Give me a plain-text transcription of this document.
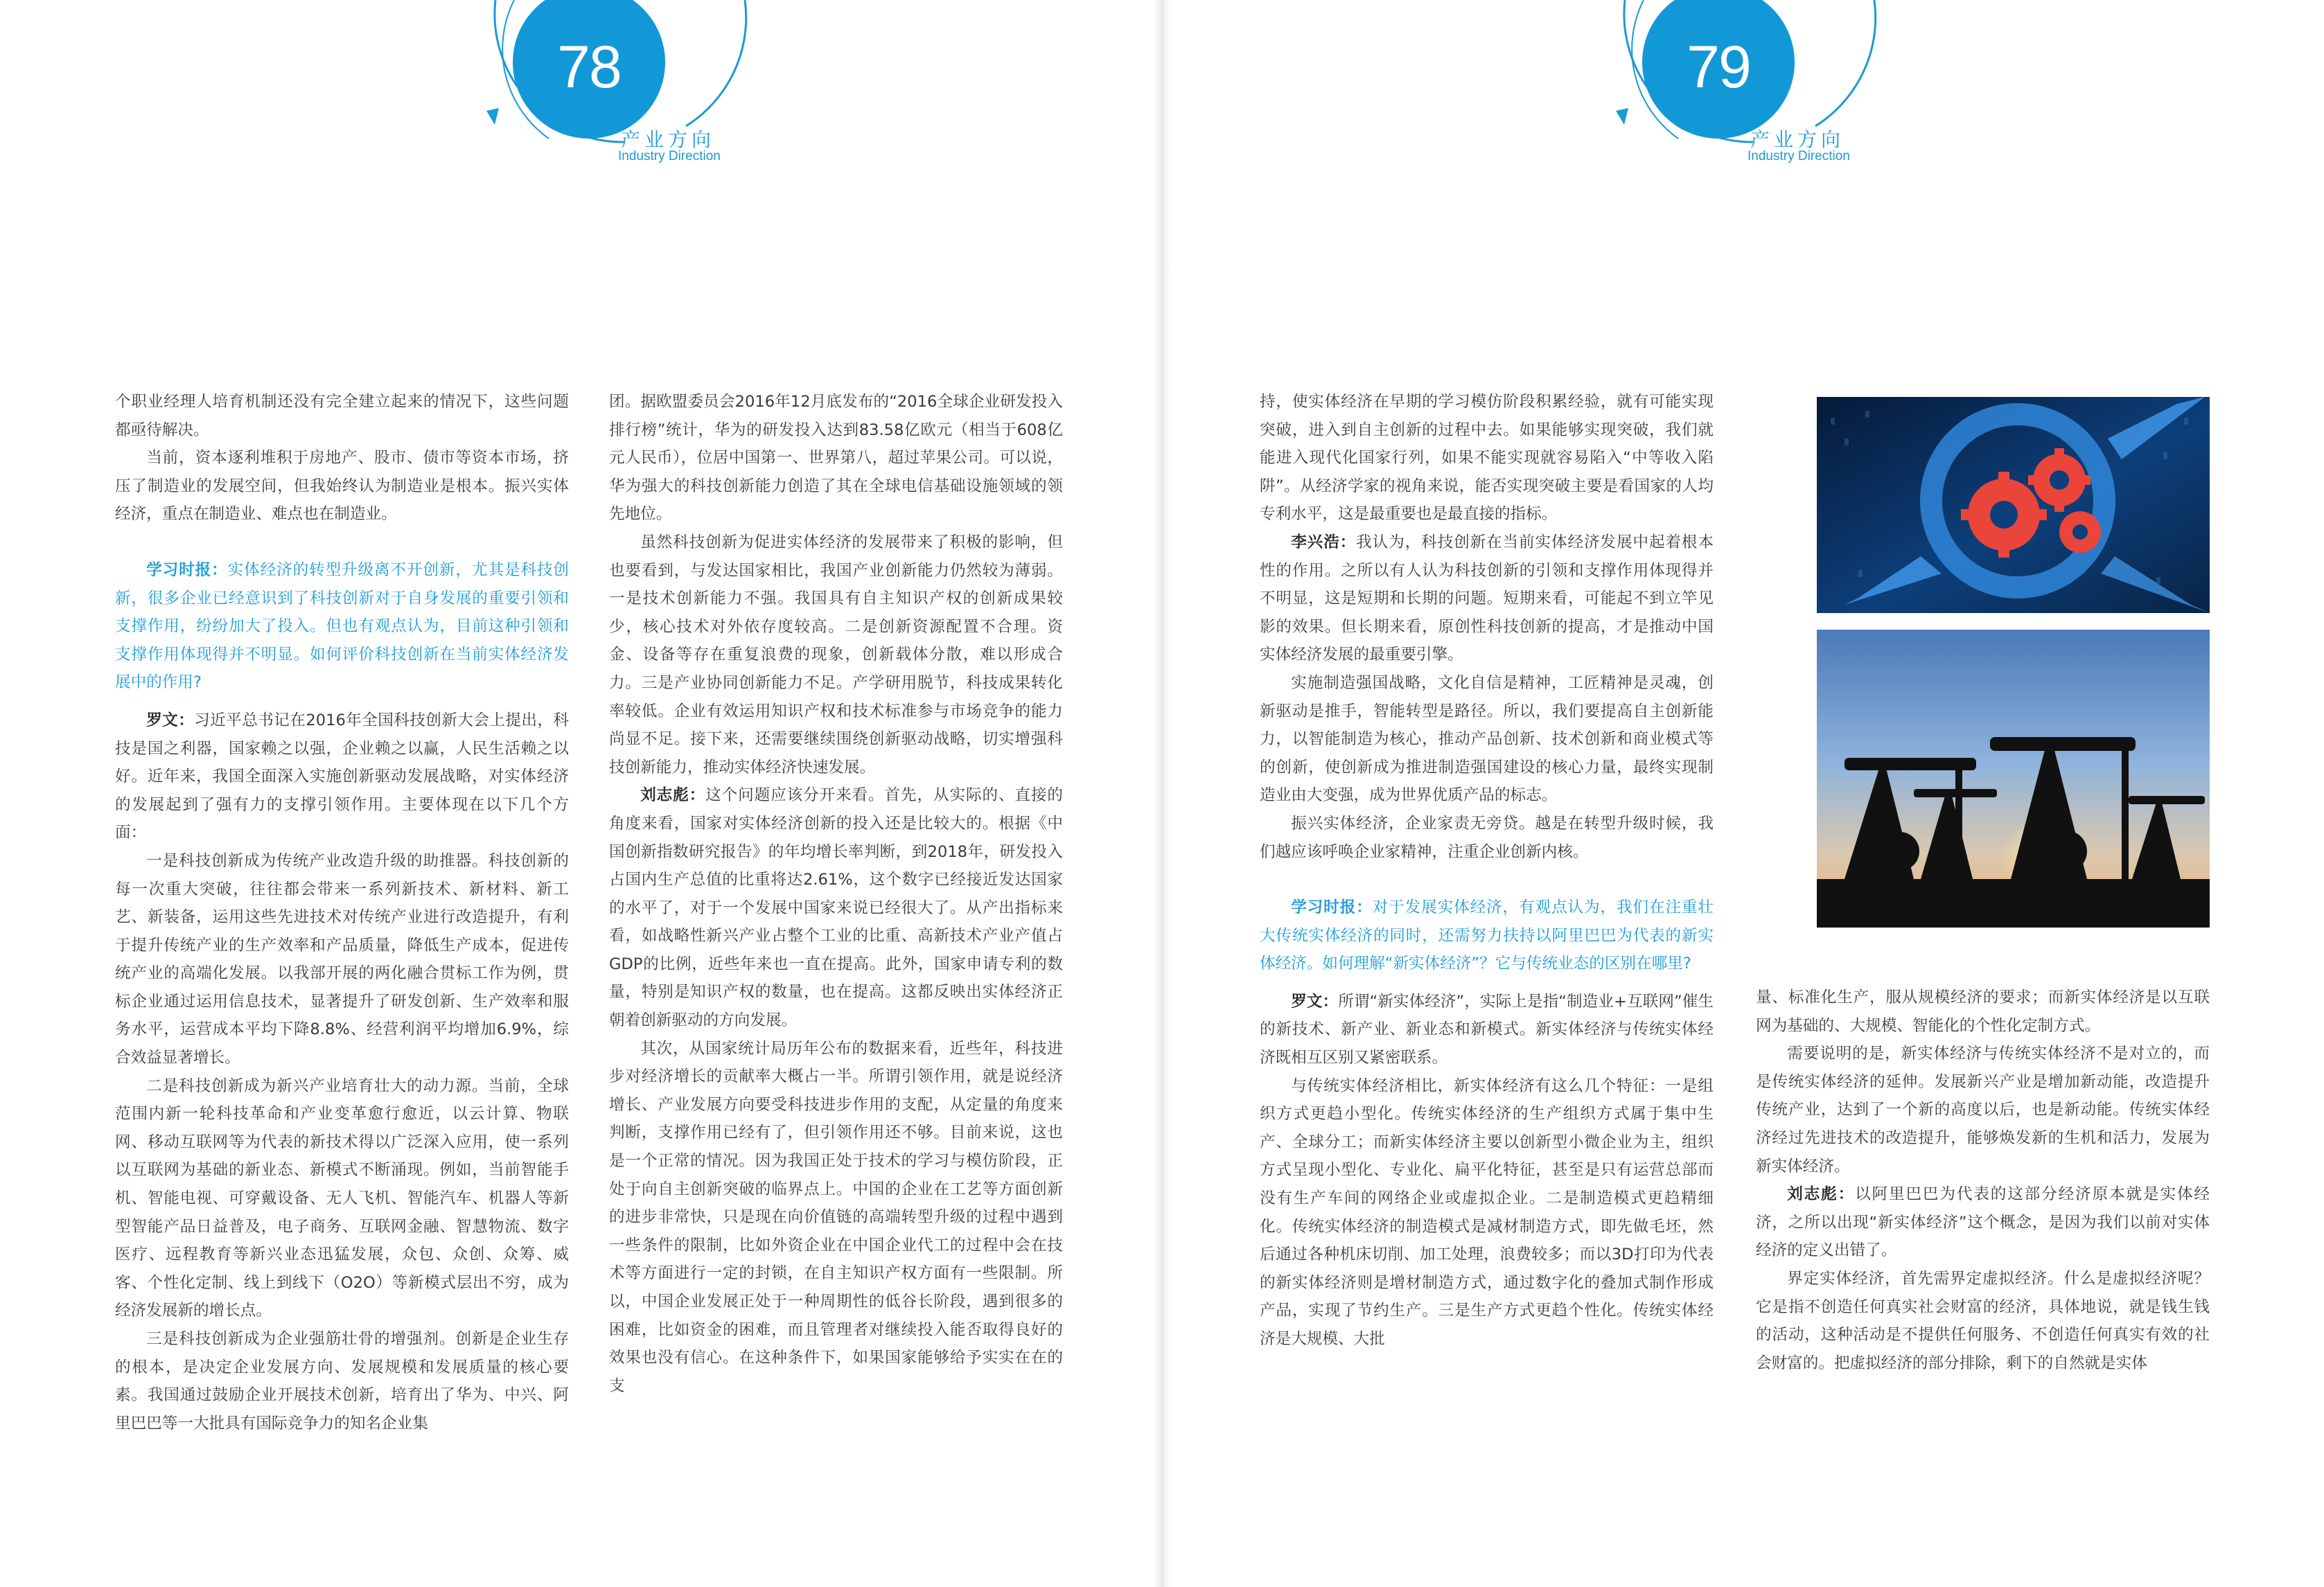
78
产业方向
Industry Direction

个职业经理人培育机制还没有完全建立起来的情况下，这些问题都亟待解决。

当前，资本逐利堆积于房地产、股市、债市等资本市场，挤压了制造业的发展空间，但我始终认为制造业是根本。振兴实体经济，重点在制造业、难点也在制造业。

学习时报：实体经济的转型升级离不开创新，尤其是科技创新，很多企业已经意识到了科技创新对于自身发展的重要引领和支撑作用，纷纷加大了投入。但也有观点认为，目前这种引领和支撑作用体现得并不明显。如何评价科技创新在当前实体经济发展中的作用?

罗文：习近平总书记在2016年全国科技创新大会上提出，科技是国之利器，国家赖之以强，企业赖之以赢，人民生活赖之以好。近年来，我国全面深入实施创新驱动发展战略，对实体经济的发展起到了强有力的支撑引领作用。主要体现在以下几个方面：

一是科技创新成为传统产业改造升级的助推器。科技创新的每一次重大突破，往往都会带来一系列新技术、新材料、新工艺、新装备，运用这些先进技术对传统产业进行改造提升，有利于提升传统产业的生产效率和产品质量，降低生产成本，促进传统产业的高端化发展。以我部开展的两化融合贯标工作为例，贯标企业通过运用信息技术，显著提升了研发创新、生产效率和服务水平，运营成本平均下降8.8%、经营利润平均增加6.9%，综合效益显著增长。

二是科技创新成为新兴产业培育壮大的动力源。当前，全球范围内新一轮科技革命和产业变革愈行愈近，以云计算、物联网、移动互联网等为代表的新技术得以广泛深入应用，使一系列以互联网为基础的新业态、新模式不断涌现。例如，当前智能手机、智能电视、可穿戴设备、无人飞机、智能汽车、机器人等新型智能产品日益普及，电子商务、互联网金融、智慧物流、数字医疗、远程教育等新兴业态迅猛发展，众包、众创、众筹、威客、个性化定制、线上到线下（O2O）等新模式层出不穷，成为经济发展新的增长点。

三是科技创新成为企业强筋壮骨的增强剂。创新是企业生存的根本，是决定企业发展方向、发展规模和发展质量的核心要素。我国通过鼓励企业开展技术创新，培育出了华为、中兴、阿里巴巴等一大批具有国际竞争力的知名企业集

团。据欧盟委员会2016年12月底发布的“2016全球企业研发投入排行榜”统计，华为的研发投入达到83.58亿欧元（相当于608亿元人民币），位居中国第一、世界第八，超过苹果公司。可以说，华为强大的科技创新能力创造了其在全球电信基础设施领域的领先地位。

虽然科技创新为促进实体经济的发展带来了积极的影响，但也要看到，与发达国家相比，我国产业创新能力仍然较为薄弱。一是技术创新能力不强。我国具有自主知识产权的创新成果较少，核心技术对外依存度较高。二是创新资源配置不合理。资金、设备等存在重复浪费的现象，创新载体分散，难以形成合力。三是产业协同创新能力不足。产学研用脱节，科技成果转化率较低。企业有效运用知识产权和技术标准参与市场竞争的能力尚显不足。接下来，还需要继续围绕创新驱动战略，切实增强科技创新能力，推动实体经济快速发展。

刘志彪：这个问题应该分开来看。首先，从实际的、直接的角度来看，国家对实体经济创新的投入还是比较大的。根据《中国创新指数研究报告》的年均增长率判断，到2018年，研发投入占国内生产总值的比重将达2.61%，这个数字已经接近发达国家的水平了，对于一个发展中国家来说已经很大了。从产出指标来看，如战略性新兴产业占整个工业的比重、高新技术产业产值占GDP的比例，近些年来也一直在提高。此外，国家申请专利的数量，特别是知识产权的数量，也在提高。这都反映出实体经济正朝着创新驱动的方向发展。

其次，从国家统计局历年公布的数据来看，近些年，科技进步对经济增长的贡献率大概占一半。所谓引领作用，就是说经济增长、产业发展方向要受科技进步作用的支配，从定量的角度来判断，支撑作用已经有了，但引领作用还不够。目前来说，这也是一个正常的情况。因为我国正处于技术的学习与模仿阶段，正处于向自主创新突破的临界点上。中国的企业在工艺等方面创新的进步非常快，只是现在向价值链的高端转型升级的过程中遇到一些条件的限制，比如外资企业在中国企业代工的过程中会在技术等方面进行一定的封锁，在自主知识产权方面有一些限制。所以，中国企业发展正处于一种周期性的低谷长阶段，遇到很多的困难，比如资金的困难，而且管理者对继续投入能否取得良好的效果也没有信心。在这种条件下，如果国家能够给予实实在在的支

79
产业方向
Industry Direction

持，使实体经济在早期的学习模仿阶段积累经验，就有可能实现突破，进入到自主创新的过程中去。如果能够实现突破，我们就能进入现代化国家行列，如果不能实现就容易陷入“中等收入陷阱”。从经济学家的视角来说，能否实现突破主要是看国家的人均专利水平，这是最重要也是最直接的指标。

李兴浩：我认为，科技创新在当前实体经济发展中起着根本性的作用。之所以有人认为科技创新的引领和支撑作用体现得并不明显，这是短期和长期的问题。短期来看，可能起不到立竿见影的效果。但长期来看，原创性科技创新的提高，才是推动中国实体经济发展的最重要引擎。

实施制造强国战略，文化自信是精神，工匠精神是灵魂，创新驱动是推手，智能转型是路径。所以，我们要提高自主创新能力，以智能制造为核心，推动产品创新、技术创新和商业模式等的创新，使创新成为推进制造强国建设的核心力量，最终实现制造业由大变强，成为世界优质产品的标志。

振兴实体经济，企业家责无旁贷。越是在转型升级时候，我们越应该呼唤企业家精神，注重企业创新内核。

学习时报：对于发展实体经济，有观点认为，我们在注重壮大传统实体经济的同时，还需努力扶持以阿里巴巴为代表的新实体经济。如何理解“新实体经济”？它与传统业态的区别在哪里?

罗文：所谓“新实体经济”，实际上是指“制造业+互联网”催生的新技术、新产业、新业态和新模式。新实体经济与传统实体经济既相互区别又紧密联系。

与传统实体经济相比，新实体经济有这么几个特征：一是组织方式更趋小型化。传统实体经济的生产组织方式属于集中生产、全球分工；而新实体经济主要以创新型小微企业为主，组织方式呈现小型化、专业化、扁平化特征，甚至是只有运营总部而没有生产车间的网络企业或虚拟企业。二是制造模式更趋精细化。传统实体经济的制造模式是减材制造方式，即先做毛坯，然后通过各种机床切削、加工处理，浪费较多；而以3D打印为代表的新实体经济则是增材制造方式，通过数字化的叠加式制作形成产品，实现了节约生产。三是生产方式更趋个性化。传统实体经济是大规模、大批

量、标准化生产，服从规模经济的要求；而新实体经济是以互联网为基础的、大规模、智能化的个性化定制方式。

需要说明的是，新实体经济与传统实体经济不是对立的，而是传统实体经济的延伸。发展新兴产业是增加新动能，改造提升传统产业，达到了一个新的高度以后，也是新动能。传统实体经济经过先进技术的改造提升，能够焕发新的生机和活力，发展为新实体经济。

刘志彪：以阿里巴巴为代表的这部分经济原本就是实体经济，之所以出现“新实体经济”这个概念，是因为我们以前对实体经济的定义出错了。

界定实体经济，首先需界定虚拟经济。什么是虚拟经济呢？它是指不创造任何真实社会财富的经济，具体地说，就是钱生钱的活动，这种活动是不提供任何服务、不创造任何真实有效的社会财富的。把虚拟经济的部分排除，剩下的自然就是实体
